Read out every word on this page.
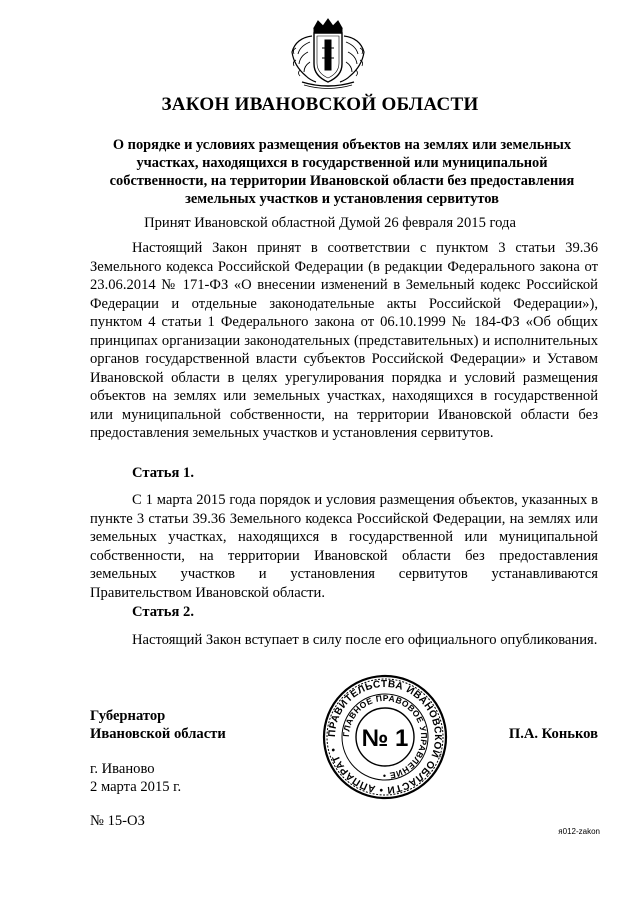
ЗАКОН ИВАНОВСКОЙ ОБЛАСТИ
О порядке и условиях размещения объектов на землях или земельных участках, находящихся в государственной или муниципальной собственности, на территории Ивановской области без предоставления земельных участков и установления сервитутов
Принят Ивановской областной Думой 26 февраля 2015 года

Настоящий Закон принят в соответствии с пунктом 3 статьи 39.36 Земельного кодекса Российской Федерации (в редакции Федерального закона от 23.06.2014 № 171-ФЗ «О внесении изменений в Земельный кодекс Российской Федерации и отдельные законодательные акты Российской Федерации»), пунктом 4 статьи 1 Федерального закона от 06.10.1999 № 184-ФЗ «Об общих принципах организации законодательных (представительных) и исполнительных органов государственной власти субъектов Российской Федерации» и Уставом Ивановской области в целях урегулирования порядка и условий размещения объектов на землях или земельных участках, находящихся в государственной или муниципальной собственности, на территории Ивановской области без предоставления земельных участков и установления сервитутов.

Статья 1.

С 1 марта 2015 года порядок и условия размещения объектов, указанных в пункте 3 статьи 39.36 Земельного кодекса Российской Федерации, на землях или земельных участках, находящихся в государственной или муниципальной собственности, на территории Ивановской области без предоставления земельных участков и установления сервитутов устанавливаются Правительством Ивановской области.

Статья 2.

Настоящий Закон вступает в силу после его официального опубликования.

Губернатор
Ивановской области	П.А. Коньков
ПРАВИТЕЛЬСТВА ИВАНОВСКОЙ ОБЛАСТИ • АППАРАТ •
ГЛАВНОЕ ПРАВОВОЕ УПРАВЛЕНИЕ •
№ 1
г. Иваново
2 марта 2015 г.
№ 15-ОЗ
я012-zakon
